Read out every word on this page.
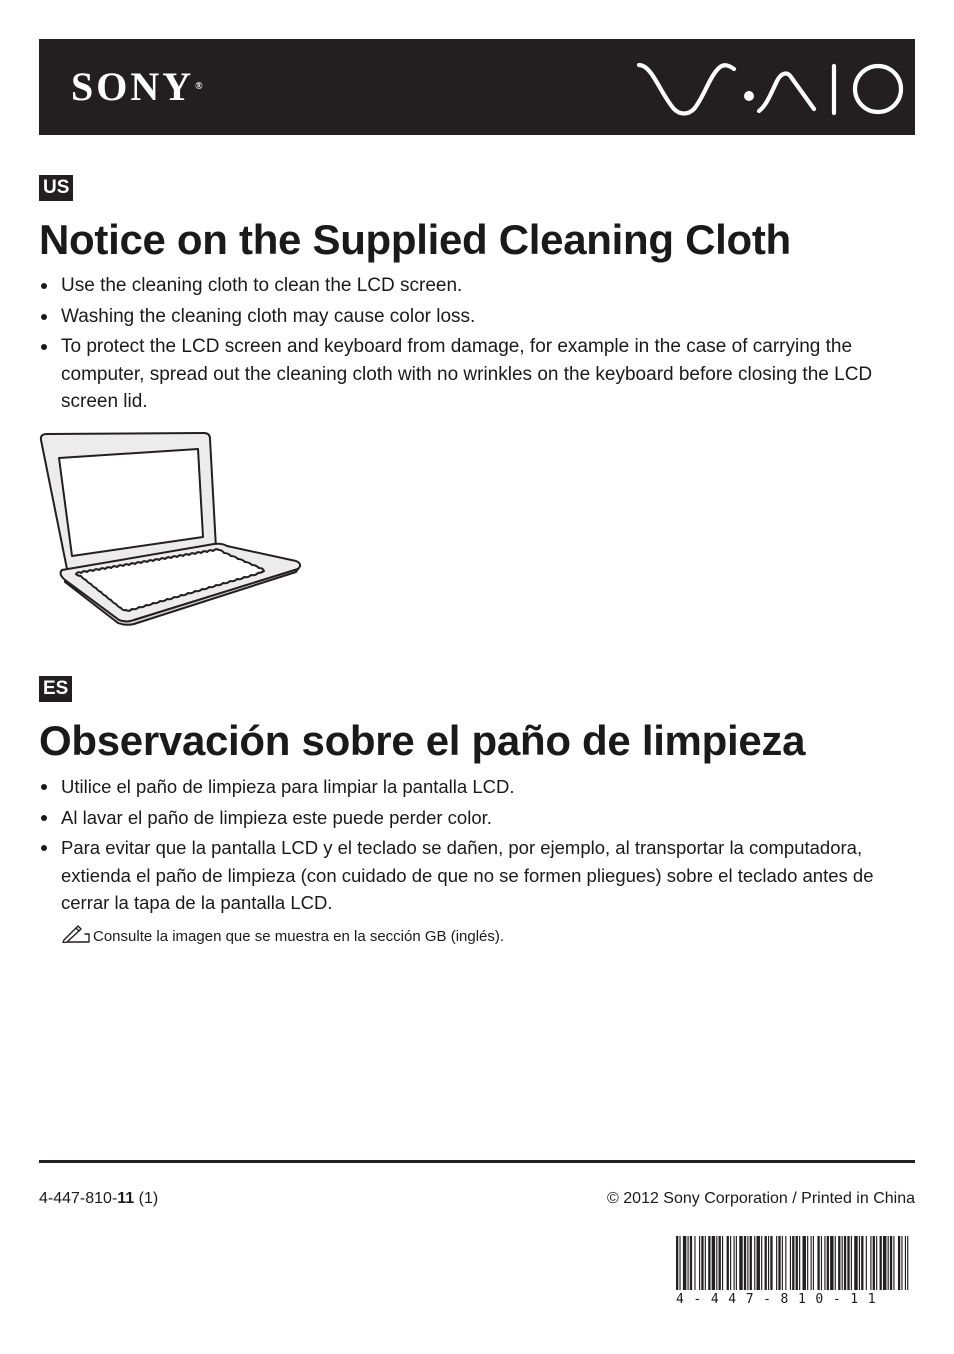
SONY®
US
Notice on the Supplied Cleaning Cloth
Use the cleaning cloth to clean the LCD screen.
Washing the cleaning cloth may cause color loss.
To protect the LCD screen and keyboard from damage, for example in the case of carrying the computer, spread out the cleaning cloth with no wrinkles on the keyboard before closing the LCD screen lid.
ES
Observación sobre el paño de limpieza
Utilice el paño de limpieza para limpiar la pantalla LCD.
Al lavar el paño de limpieza este puede perder color.
Para evitar que la pantalla LCD y el teclado se dañen, por ejemplo, al transportar la computadora, extienda el paño de limpieza (con cuidado de que no se formen pliegues) sobre el teclado antes de cerrar la tapa de la pantalla LCD.
Consulte la imagen que se muestra en la sección GB (inglés).
4-447-810-11 (1)	© 2012 Sony Corporation / Printed in China
4-447-810-11
